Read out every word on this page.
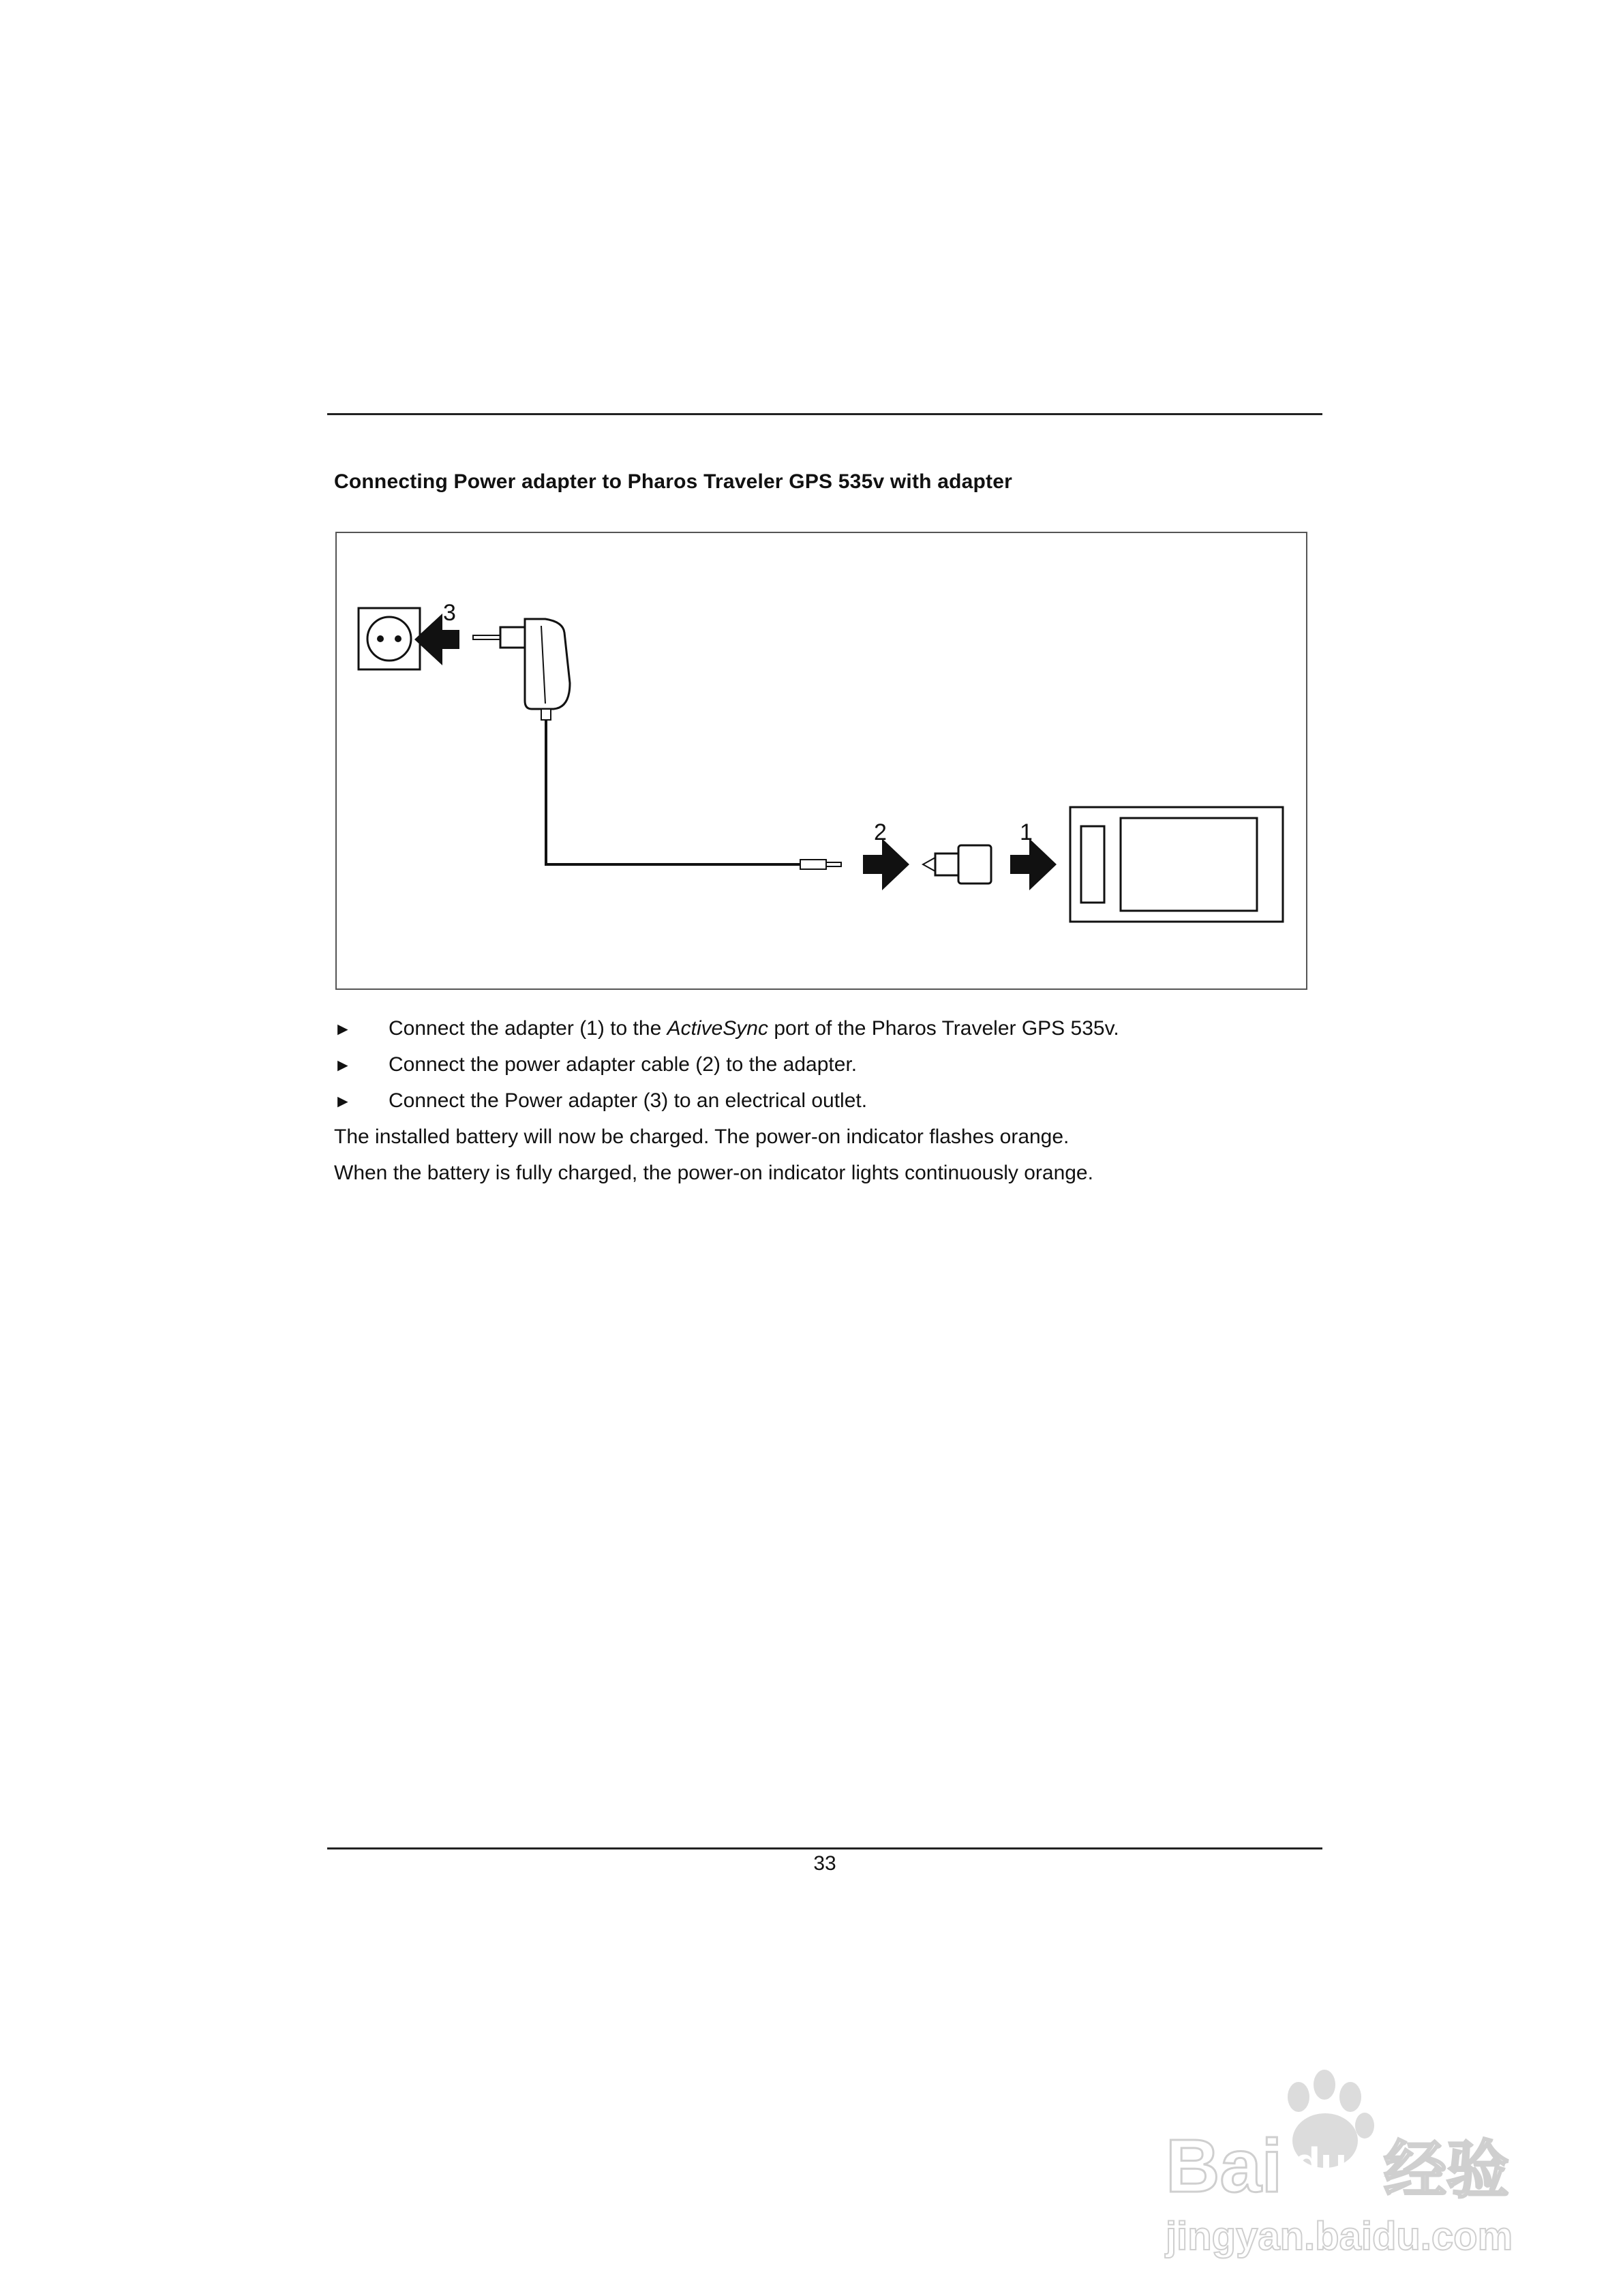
Connecting Power adapter to Pharos Traveler GPS 535v with adapter
3
2	1
► Connect the adapter (1) to the ActiveSync port of the Pharos Traveler GPS 535v.
► Connect the power adapter cable (2) to the adapter.
► Connect the Power adapter (3) to an electrical outlet.
The installed battery will now be charged. The power-on indicator flashes orange.
When the battery is fully charged, the power-on indicator lights continuously orange.
33
Bai du 经验
jingyan.baidu.com
